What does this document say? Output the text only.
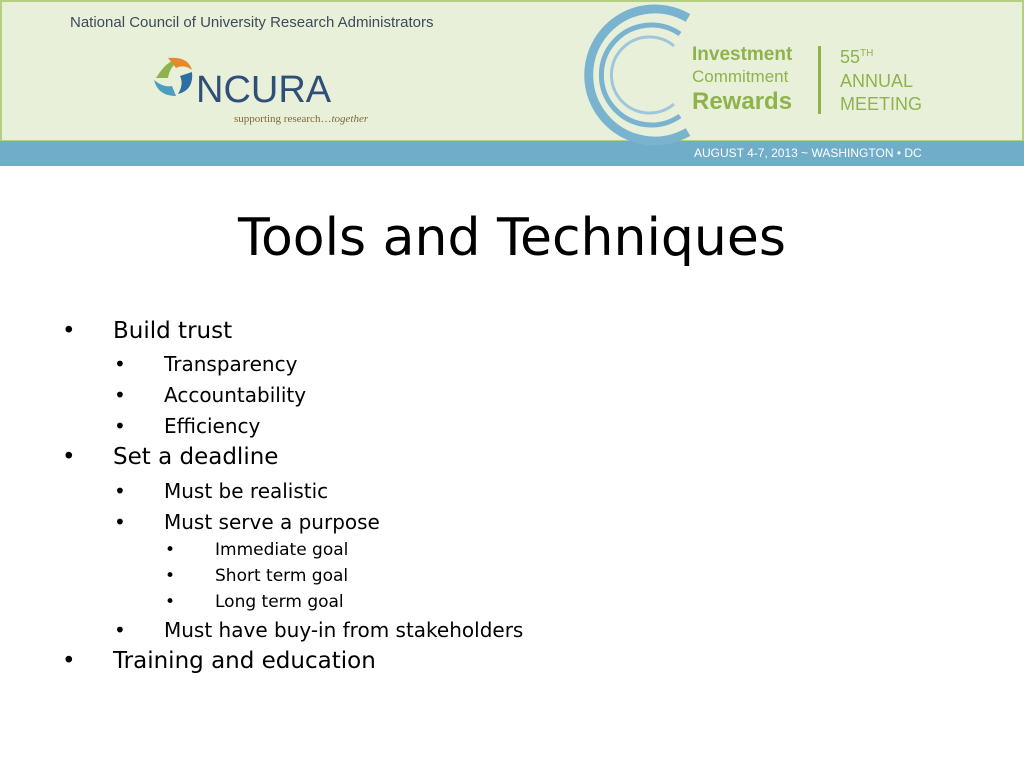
National Council of University Research Administrators
NCURA
supporting research…together
Investment
Commitment
Rewards
55TH
ANNUAL
MEETING
AUGUST 4-7, 2013 ~ WASHINGTON • DC
Tools and Techniques
• Build trust
• Transparency
• Accountability
• Efficiency
• Set a deadline
• Must be realistic
• Must serve a purpose
• Immediate goal
• Short term goal
• Long term goal
• Must have buy-in from stakeholders
• Training and education
